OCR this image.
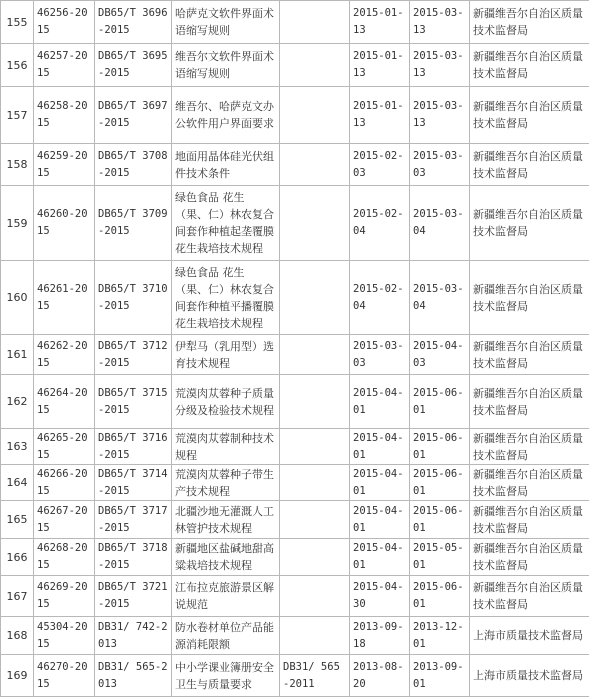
155	46256-2015	DB65/T 3696-2015	哈萨克文软件界面术语缩写规则		2015-01-13	2015-03-13	新疆维吾尔自治区质量技术监督局
156	46257-2015	DB65/T 3695-2015	维吾尔文软件界面术语缩写规则		2015-01-13	2015-03-13	新疆维吾尔自治区质量技术监督局
157	46258-2015	DB65/T 3697-2015	维吾尔、哈萨克文办公软件用户界面要求		2015-01-13	2015-03-13	新疆维吾尔自治区质量技术监督局
158	46259-2015	DB65/T 3708-2015	地面用晶体硅光伏组件技术条件		2015-02-03	2015-03-03	新疆维吾尔自治区质量技术监督局
159	46260-2015	DB65/T 3709-2015	绿色食品 花生（果、仁）林农复合间套作种植起垄覆膜花生栽培技术规程		2015-02-04	2015-03-04	新疆维吾尔自治区质量技术监督局
160	46261-2015	DB65/T 3710-2015	绿色食品 花生（果、仁）林农复合间套作种植平播覆膜花生栽培技术规程		2015-02-04	2015-03-04	新疆维吾尔自治区质量技术监督局
161	46262-2015	DB65/T 3712-2015	伊犁马（乳用型）选育技术规程		2015-03-03	2015-04-03	新疆维吾尔自治区质量技术监督局
162	46264-2015	DB65/T 3715-2015	荒漠肉苁蓉种子质量分级及检验技术规程		2015-04-01	2015-06-01	新疆维吾尔自治区质量技术监督局
163	46265-2015	DB65/T 3716-2015	荒漠肉苁蓉制种技术规程		2015-04-01	2015-06-01	新疆维吾尔自治区质量技术监督局
164	46266-2015	DB65/T 3714-2015	荒漠肉苁蓉种子带生产技术规程		2015-04-01	2015-06-01	新疆维吾尔自治区质量技术监督局
165	46267-2015	DB65/T 3717-2015	北疆沙地无灌溉人工林管护技术规程		2015-04-01	2015-06-01	新疆维吾尔自治区质量技术监督局
166	46268-2015	DB65/T 3718-2015	新疆地区盐碱地甜高粱栽培技术规程		2015-04-01	2015-05-01	新疆维吾尔自治区质量技术监督局
167	46269-2015	DB65/T 3721-2015	江布拉克旅游景区解说规范		2015-04-30	2015-06-01	新疆维吾尔自治区质量技术监督局
168	45304-2015	DB31/ 742-2013	防水卷材单位产品能源消耗限额		2013-09-18	2013-12-01	上海市质量技术监督局
169	46270-2015	DB31/ 565-2013	中小学课业簿册安全卫生与质量要求	DB31/ 565-2011	2013-08-20	2013-09-01	上海市质量技术监督局
